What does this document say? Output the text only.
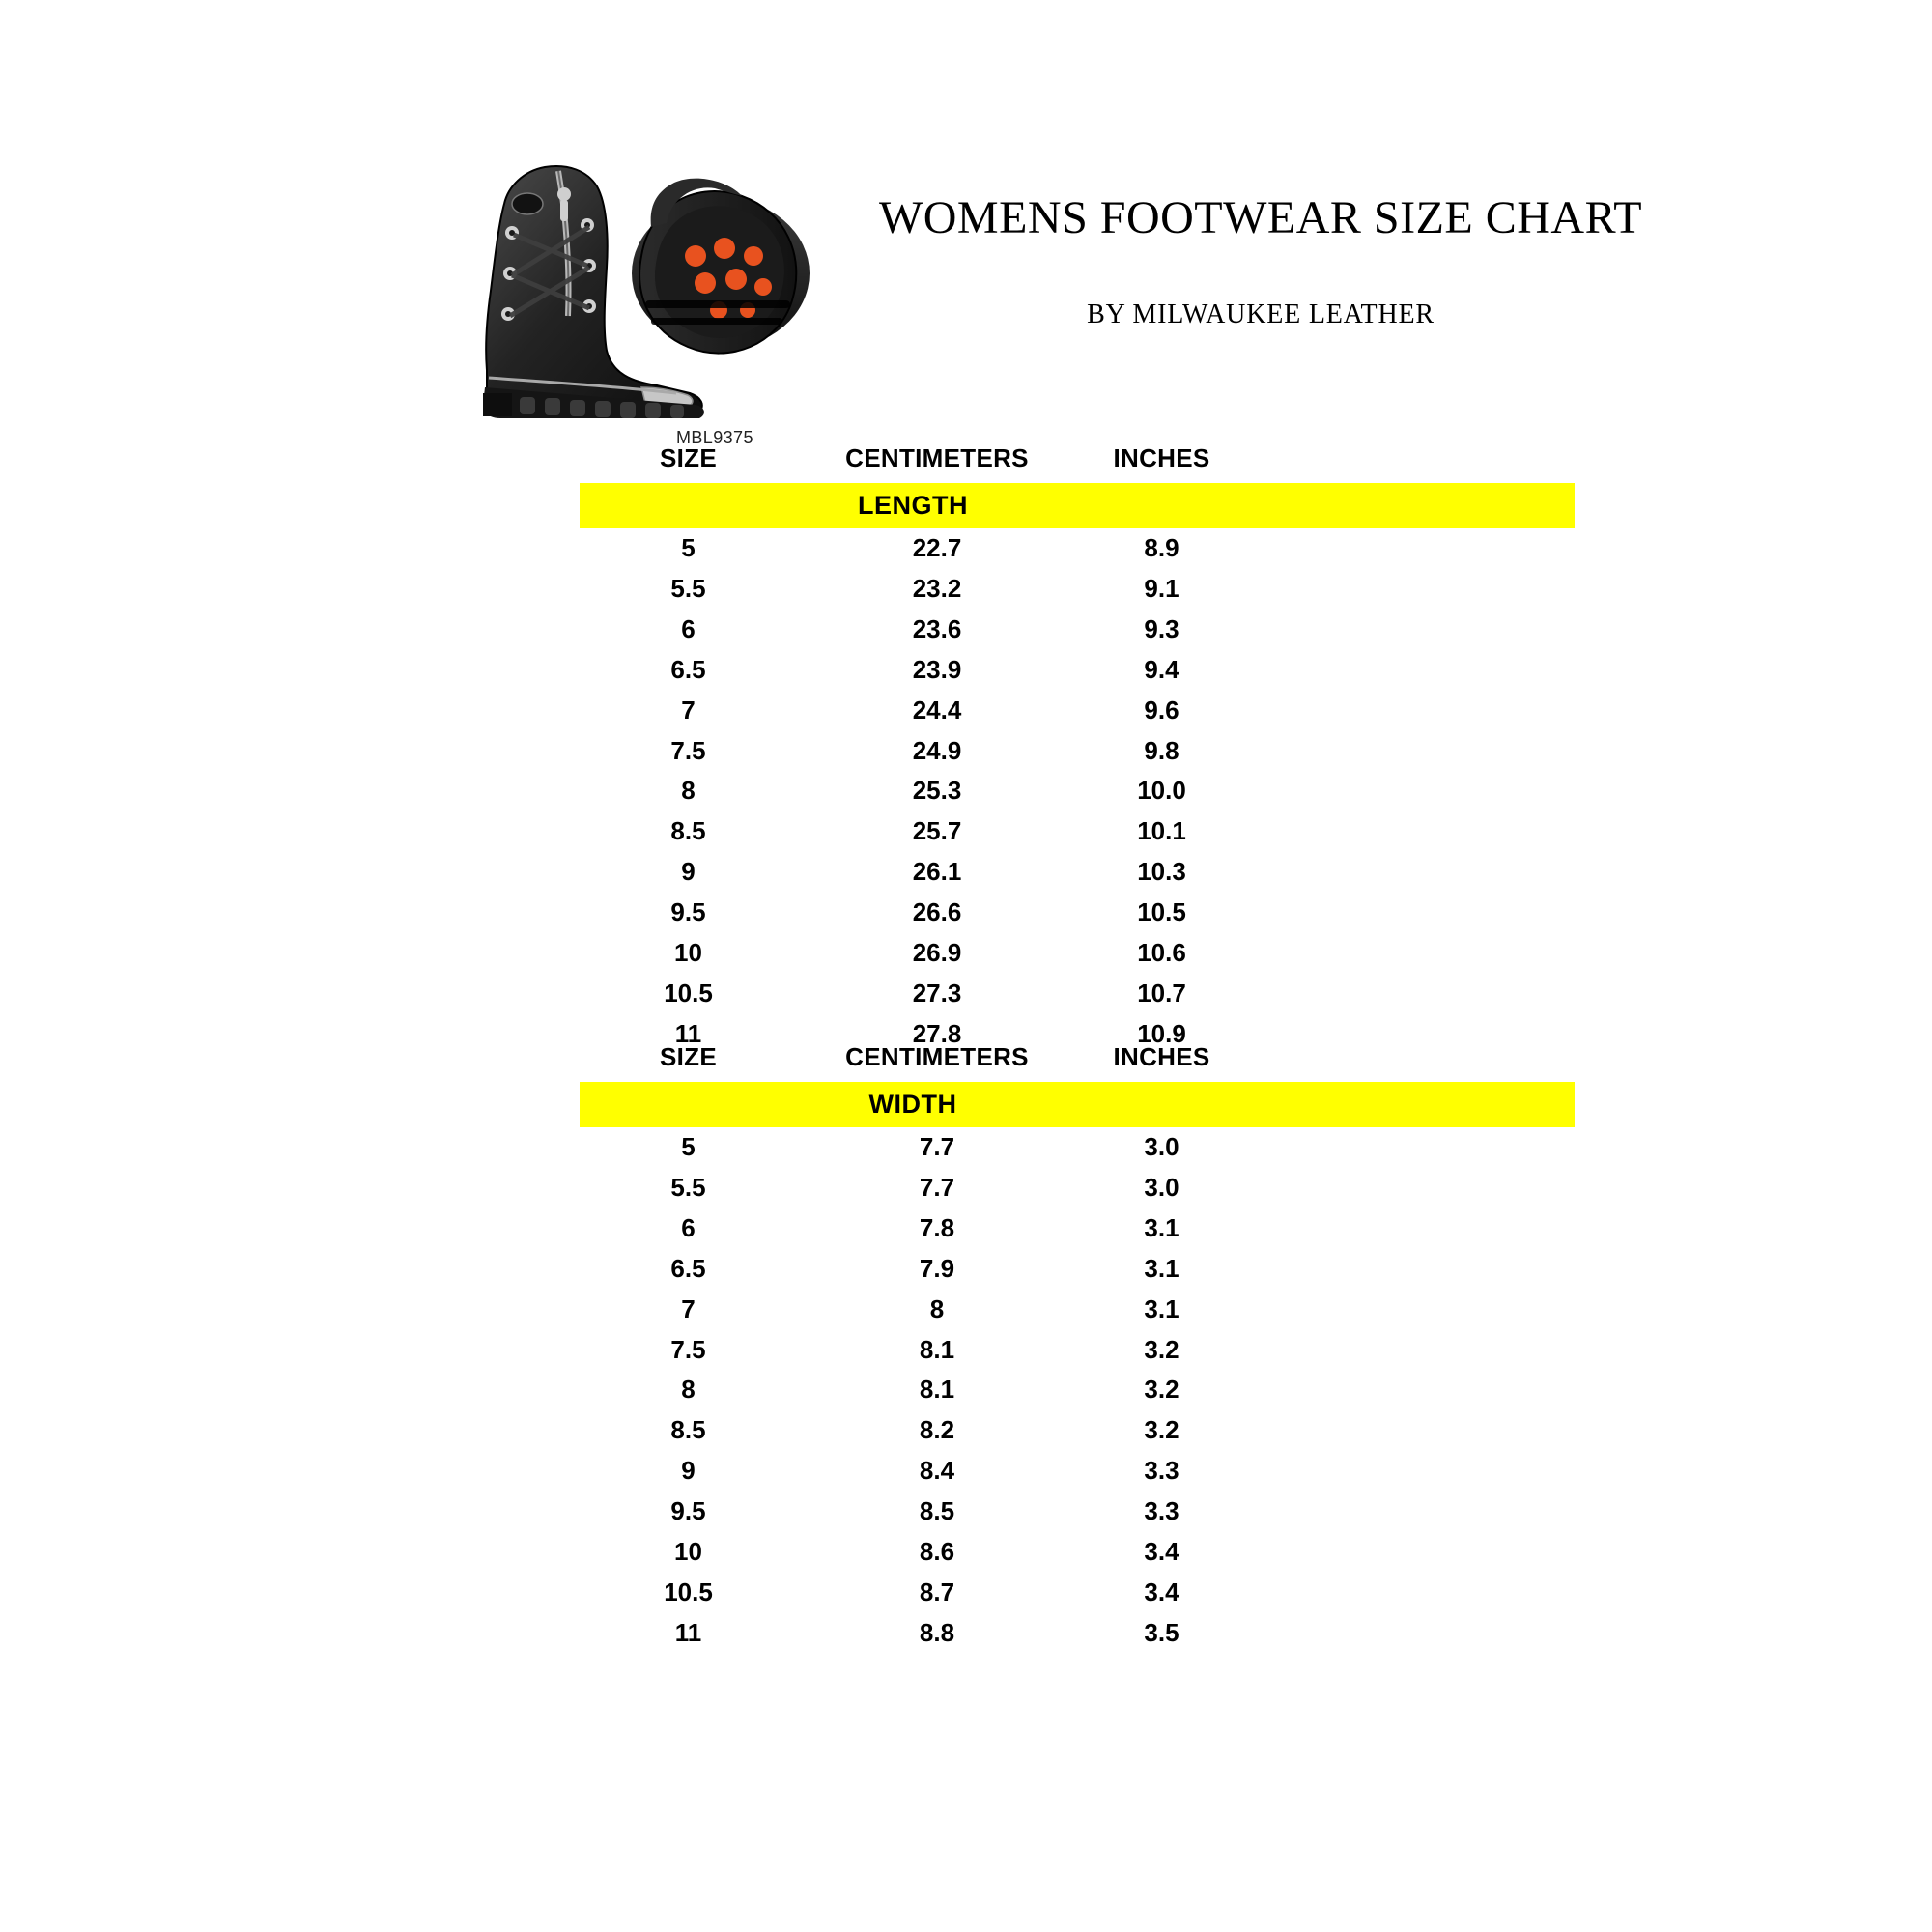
MBL9375
WOMENS FOOTWEAR SIZE CHART
BY MILWAUKEE LEATHER
SIZE	CENTIMETERS	INCHES	

LENGTH			

5	22.7	8.9	
5.5	23.2	9.1	
6	23.6	9.3	
6.5	23.9	9.4	
7	24.4	9.6	
7.5	24.9	9.8	
8	25.3	10.0	
8.5	25.7	10.1	
9	26.1	10.3	
9.5	26.6	10.5	
10	26.9	10.6	
10.5	27.3	10.7	
11	27.8	10.9	
SIZE	CENTIMETERS	INCHES	

WIDTH			

5	7.7	3.0	
5.5	7.7	3.0	
6	7.8	3.1	
6.5	7.9	3.1	
7	8	3.1	
7.5	8.1	3.2	
8	8.1	3.2	
8.5	8.2	3.2	
9	8.4	3.3	
9.5	8.5	3.3	
10	8.6	3.4	
10.5	8.7	3.4	
11	8.8	3.5	
